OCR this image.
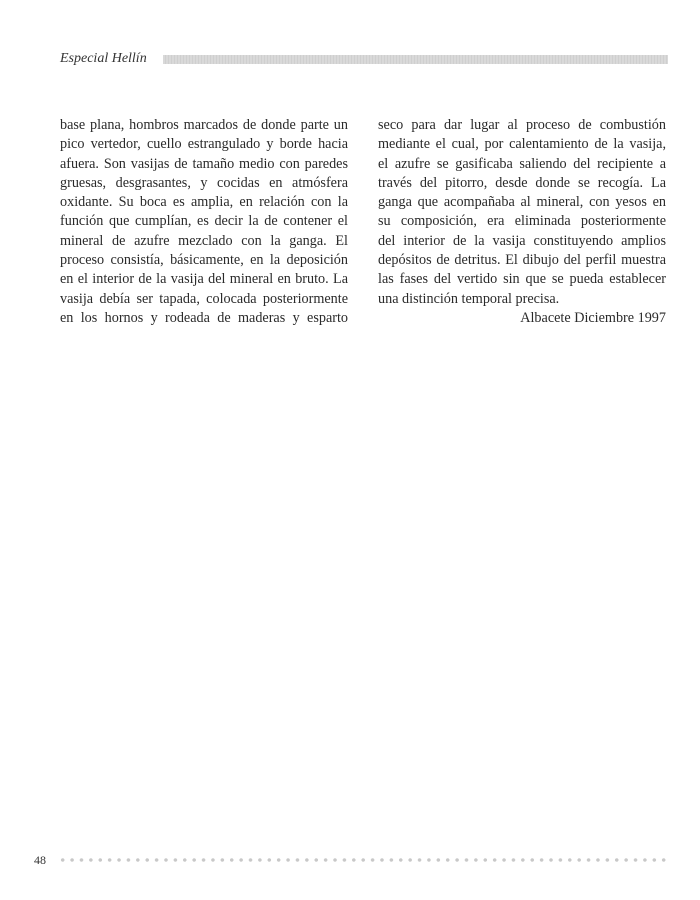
Especial Hellín

base plana, hombros marcados de donde parte un
pico vertedor, cuello estrangulado y borde hacia
afuera. Son vasijas de tamaño medio con paredes
gruesas, desgrasantes, y cocidas en atmósfera
oxidante. Su boca es amplia, en relación con la
función que cumplían, es decir la de contener el
mineral de azufre mezclado con la ganga. El
proceso consistía, básicamente, en la deposición
en el interior de la vasija del mineral en bruto. La
vasija debía ser tapada, colocada posteriormente
en los hornos y rodeada de maderas y esparto

seco para dar lugar al proceso de combustión
mediante el cual, por calentamiento de la vasija,
el azufre se gasificaba saliendo del recipiente a
través del pitorro, desde donde se recogía. La
ganga que acompañaba al mineral, con yesos en
su composición, era eliminada posteriormente
del interior de la vasija constituyendo amplios
depósitos de detritus. El dibujo del perfil muestra
las fases del vertido sin que se pueda establecer
una distinción temporal precisa.

Albacete Diciembre 1997
48
